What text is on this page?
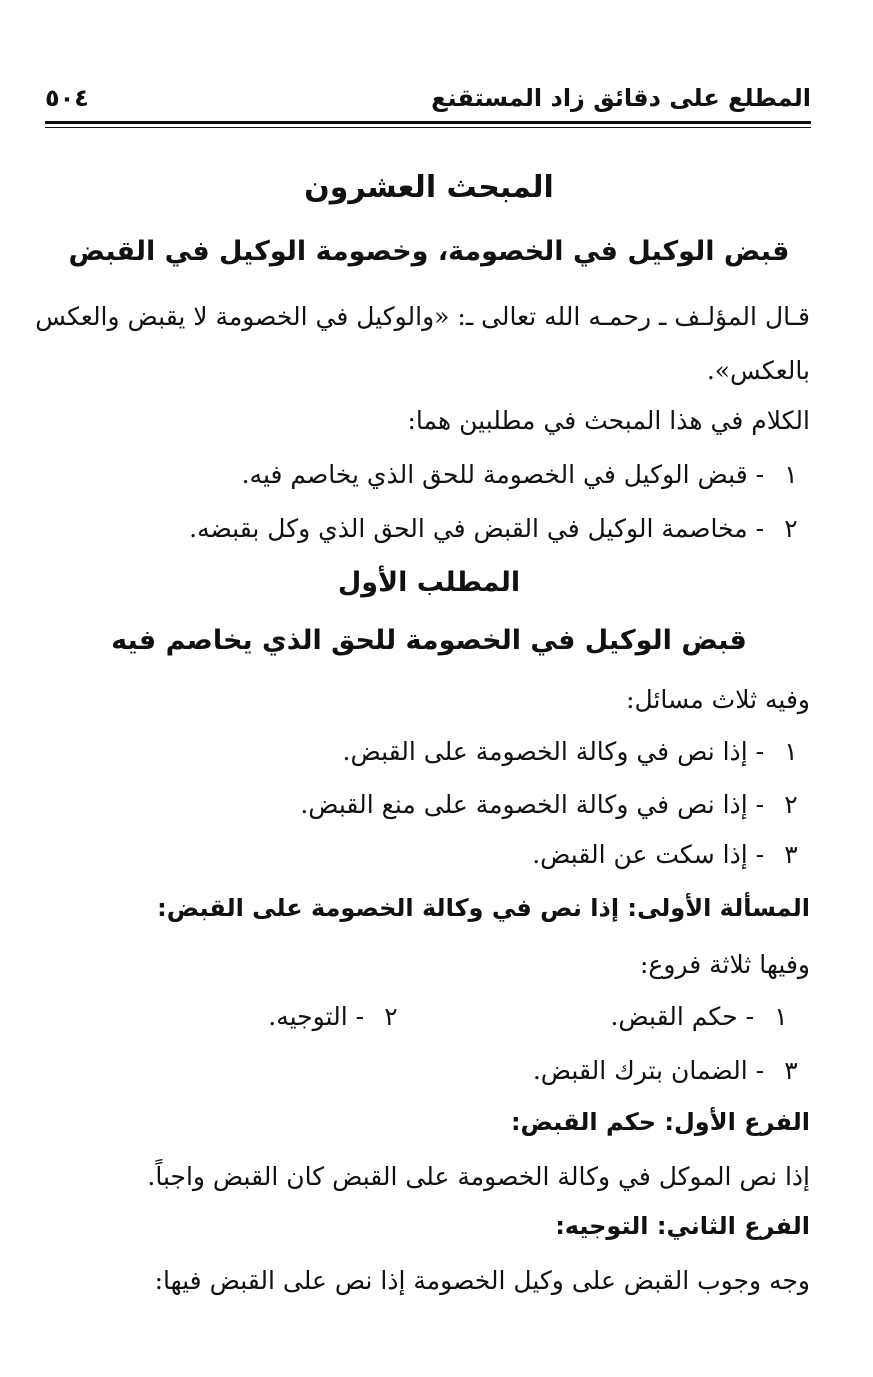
المطلع على دقائق زاد المستقنع
٥٠٤
المبحث العشرون
قبض الوكيل في الخصومة، وخصومة الوكيل في القبض
قـال المؤلـف ـ رحمـه الله تعالى ـ: «والوكيل في الخصومة لا يقبض والعكس
بالعكس».
الكلام في هذا المبحث في مطلبين هما:
١ - قبض الوكيل في الخصومة للحق الذي يخاصم فيه.
٢ - مخاصمة الوكيل في القبض في الحق الذي وكل بقبضه.
المطلب الأول
قبض الوكيل في الخصومة للحق الذي يخاصم فيه
وفيه ثلاث مسائل:
١ - إذا نص في وكالة الخصومة على القبض.
٢ - إذا نص في وكالة الخصومة على منع القبض.
٣ - إذا سكت عن القبض.
المسألة الأولى: إذا نص في وكالة الخصومة على القبض:
وفيها ثلاثة فروع:
١ - حكم القبض.
٢ - التوجيه.
٣ - الضمان بترك القبض.
الفرع الأول: حكم القبض:
إذا نص الموكل في وكالة الخصومة على القبض كان القبض واجباً.
الفرع الثاني: التوجيه:
وجه وجوب القبض على وكيل الخصومة إذا نص على القبض فيها:
